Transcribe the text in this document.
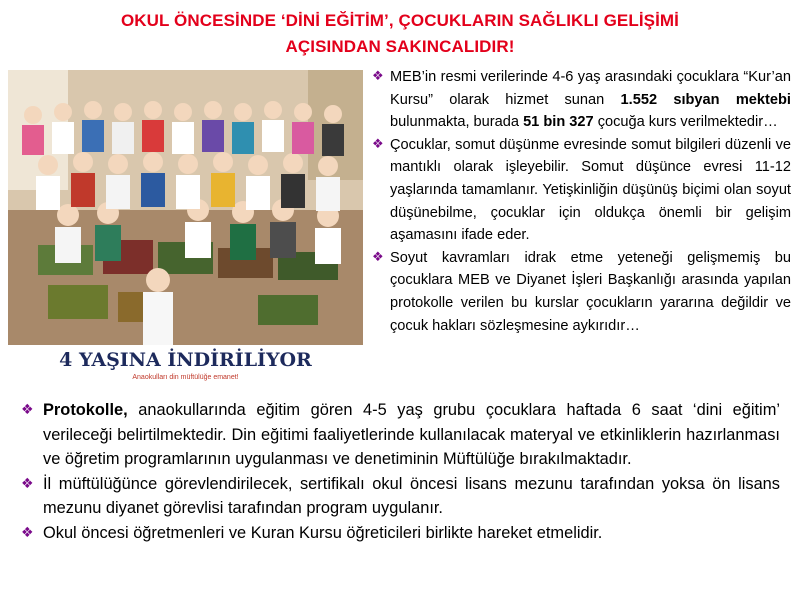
OKUL ÖNCESİNDE ‘DİNİ EĞİTİM’, ÇOCUKLARIN SAĞLIKLI GELİŞİMİ
AÇISINDAN SAKINCALIDIR!
4 YAŞINA İNDİRİLİYOR
Anaokulları din müftülüğe emanet!
❖ MEB’in resmi verilerinde 4-6 yaş arasındaki çocuklara “Kur’an Kursu” olarak hizmet sunan 1.552 sıbyan mektebi bulunmakta, burada 51 bin 327 çocuğa kurs verilmektedir…
❖ Çocuklar, somut düşünme evresinde somut bilgileri düzenli ve mantıklı olarak işleyebilir. Somut düşünce evresi 11-12 yaşlarında tamamlanır. Yetişkinliğin düşünüş biçimi olan soyut düşünebilme, çocuklar için oldukça önemli bir gelişim aşamasını ifade eder.
❖ Soyut kavramları idrak etme yeteneği gelişmemiş bu çocuklara MEB ve Diyanet İşleri Başkanlığı arasında yapılan protokolle verilen bu kurslar çocukların yararına değildir ve çocuk hakları sözleşmesine aykırıdır…
❖ Protokolle, anaokullarında eğitim gören 4-5 yaş grubu çocuklara haftada 6 saat ‘dini eğitim’ verileceği belirtilmektedir. Din eğitimi faaliyetlerinde kullanılacak materyal ve etkinliklerin hazırlanması ve öğretim programlarının uygulanması ve denetiminin Müftülüğe bırakılmaktadır.
❖ İl müftülüğünce görevlendirilecek, sertifikalı okul öncesi lisans mezunu tarafından yoksa ön lisans mezunu diyanet görevlisi tarafından program uygulanır.
❖ Okul öncesi öğretmenleri ve Kuran Kursu öğreticileri birlikte hareket etmelidir.
